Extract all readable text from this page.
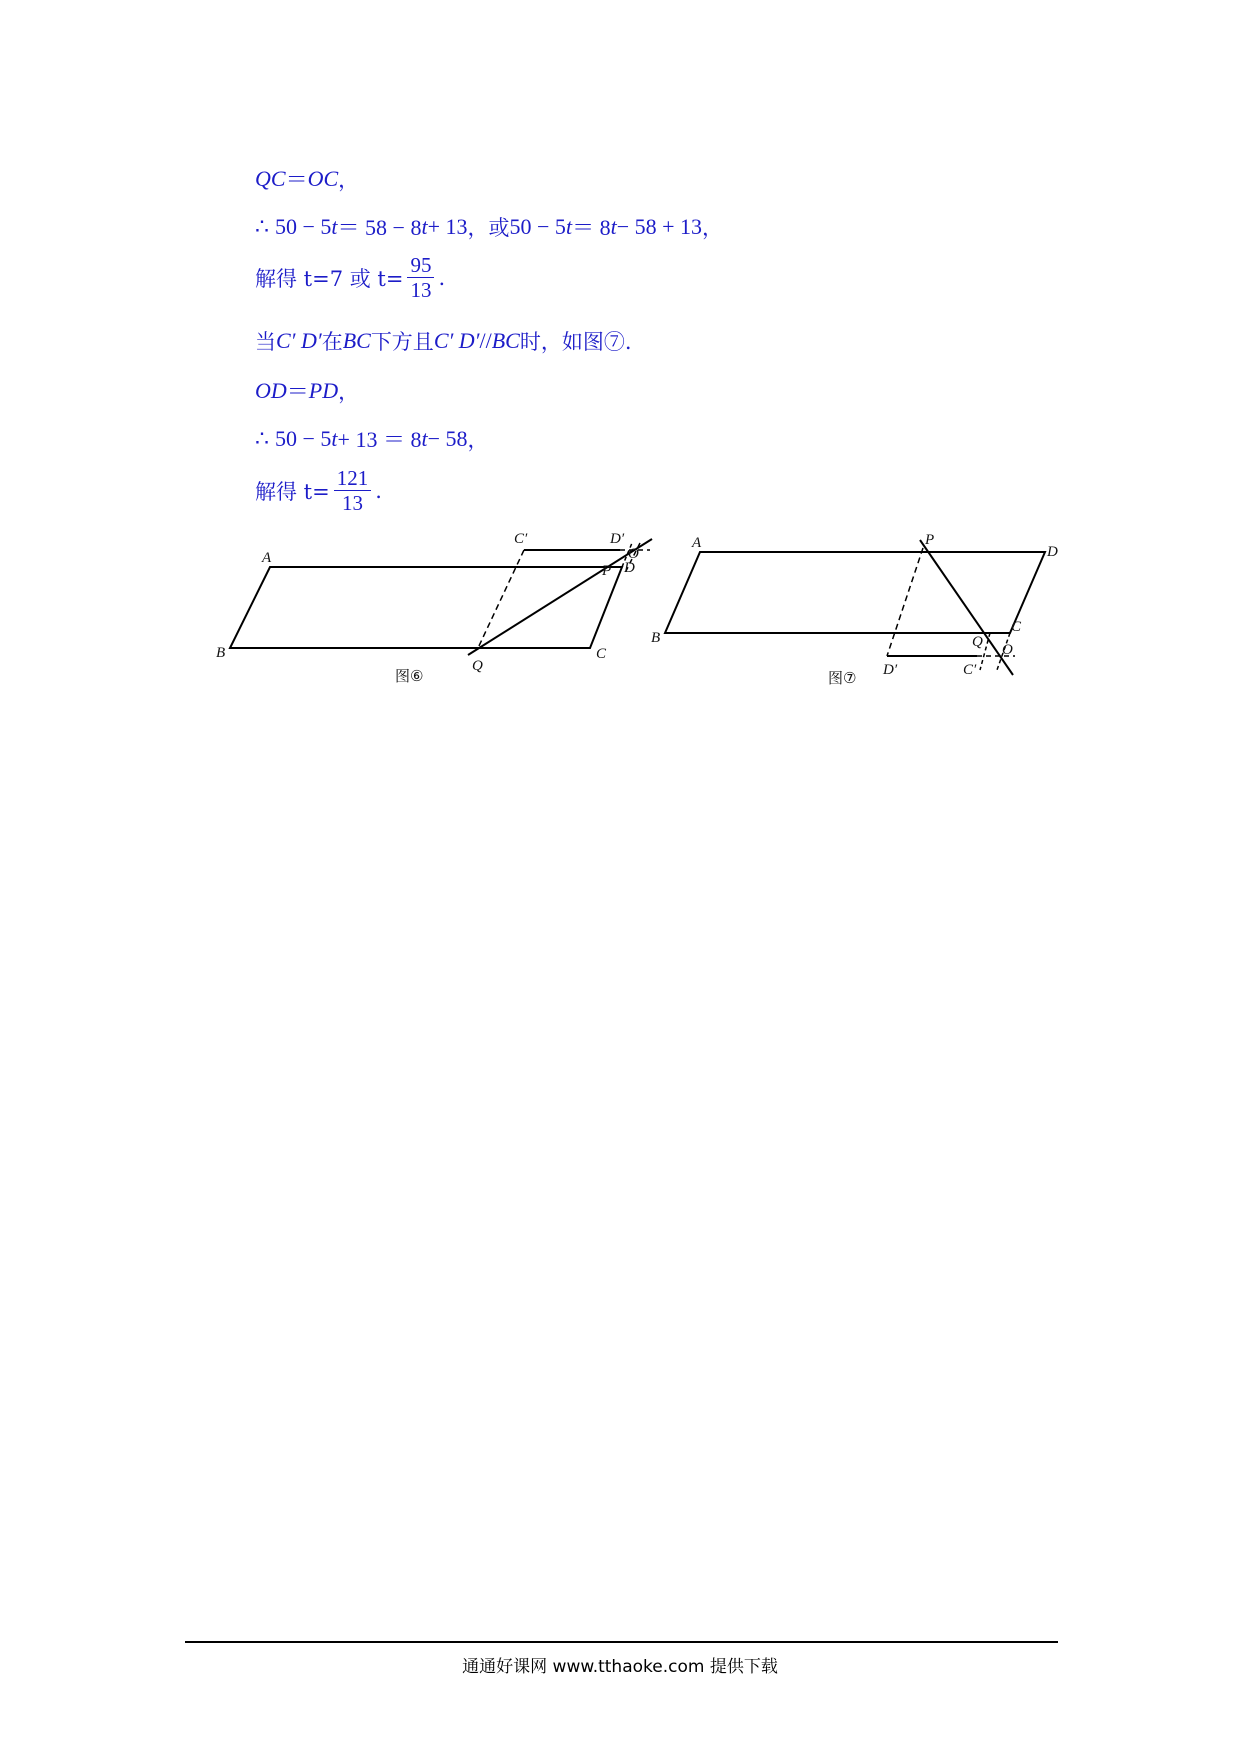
QC ＝ OC ，
∴ 50 − 5 t ＝ 58 − 8 t + 13 ，或 50 − 5 t ＝ 8 t − 58 + 13 ，
解得 t=7 或 $t= \frac{95}{13}$ .
当 C′ D′ 在 BC 下方且 C′ D′ // BC 时，如图⑦.
OD ＝ PD ，
∴ 50 − 5 t + 13 ＝ 8 t − 58 ，
解得 $t= \frac{121}{13}$ .
A
B	C
D
P
Q
O
C′	D′
图⑥
A
B
C
D
P
Q O
D′	C′
图⑦
通通好课网 www.tthaoke.com 提供下载
